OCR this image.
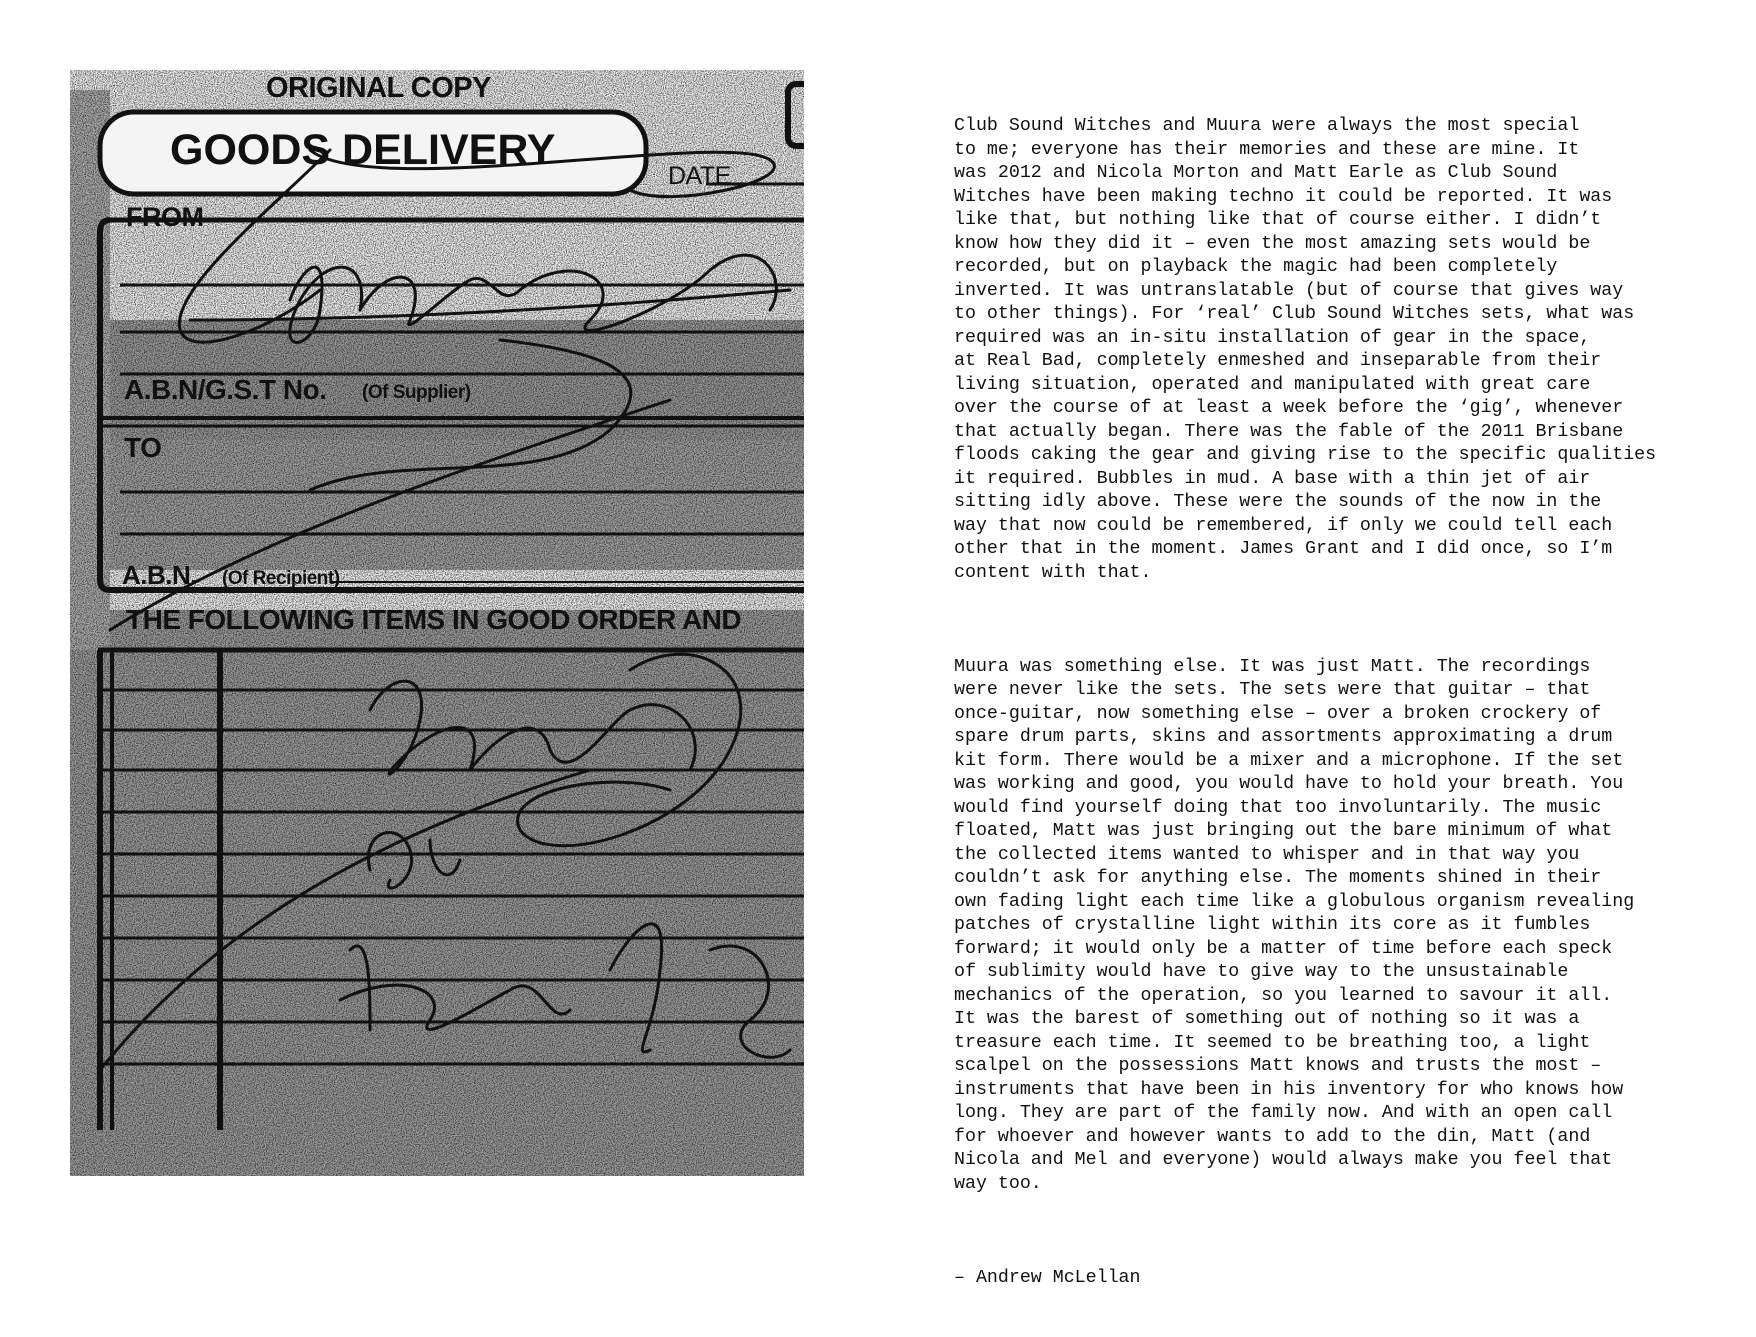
ORIGINAL COPY
GOODS DELIVERY
DATE
FROM
A.B.N/G.S.T No. (Of Supplier)
TO
A.B.N. (Of Recipient)
THE FOLLOWING ITEMS IN GOOD ORDER AND

Club Sound Witches and Muura were always the most special
to me; everyone has their memories and these are mine. It
was 2012 and Nicola Morton and Matt Earle as Club Sound
Witches have been making techno it could be reported. It was
like that, but nothing like that of course either. I didn’t
know how they did it – even the most amazing sets would be
recorded, but on playback the magic had been completely
inverted. It was untranslatable (but of course that gives way
to other things). For ‘real’ Club Sound Witches sets, what was
required was an in-situ installation of gear in the space,
at Real Bad, completely enmeshed and inseparable from their
living situation, operated and manipulated with great care
over the course of at least a week before the ‘gig’, whenever
that actually began. There was the fable of the 2011 Brisbane
floods caking the gear and giving rise to the specific qualities
it required. Bubbles in mud. A base with a thin jet of air
sitting idly above. These were the sounds of the now in the
way that now could be remembered, if only we could tell each
other that in the moment. James Grant and I did once, so I’m
content with that.

Muura was something else. It was just Matt. The recordings
were never like the sets. The sets were that guitar – that
once-guitar, now something else – over a broken crockery of
spare drum parts, skins and assortments approximating a drum
kit form. There would be a mixer and a microphone. If the set
was working and good, you would have to hold your breath. You
would find yourself doing that too involuntarily. The music
floated, Matt was just bringing out the bare minimum of what
the collected items wanted to whisper and in that way you
couldn’t ask for anything else. The moments shined in their
own fading light each time like a globulous organism revealing
patches of crystalline light within its core as it fumbles
forward; it would only be a matter of time before each speck
of sublimity would have to give way to the unsustainable
mechanics of the operation, so you learned to savour it all.
It was the barest of something out of nothing so it was a
treasure each time. It seemed to be breathing too, a light
scalpel on the possessions Matt knows and trusts the most –
instruments that have been in his inventory for who knows how
long. They are part of the family now. And with an open call
for whoever and however wants to add to the din, Matt (and
Nicola and Mel and everyone) would always make you feel that
way too.

– Andrew McLellan
